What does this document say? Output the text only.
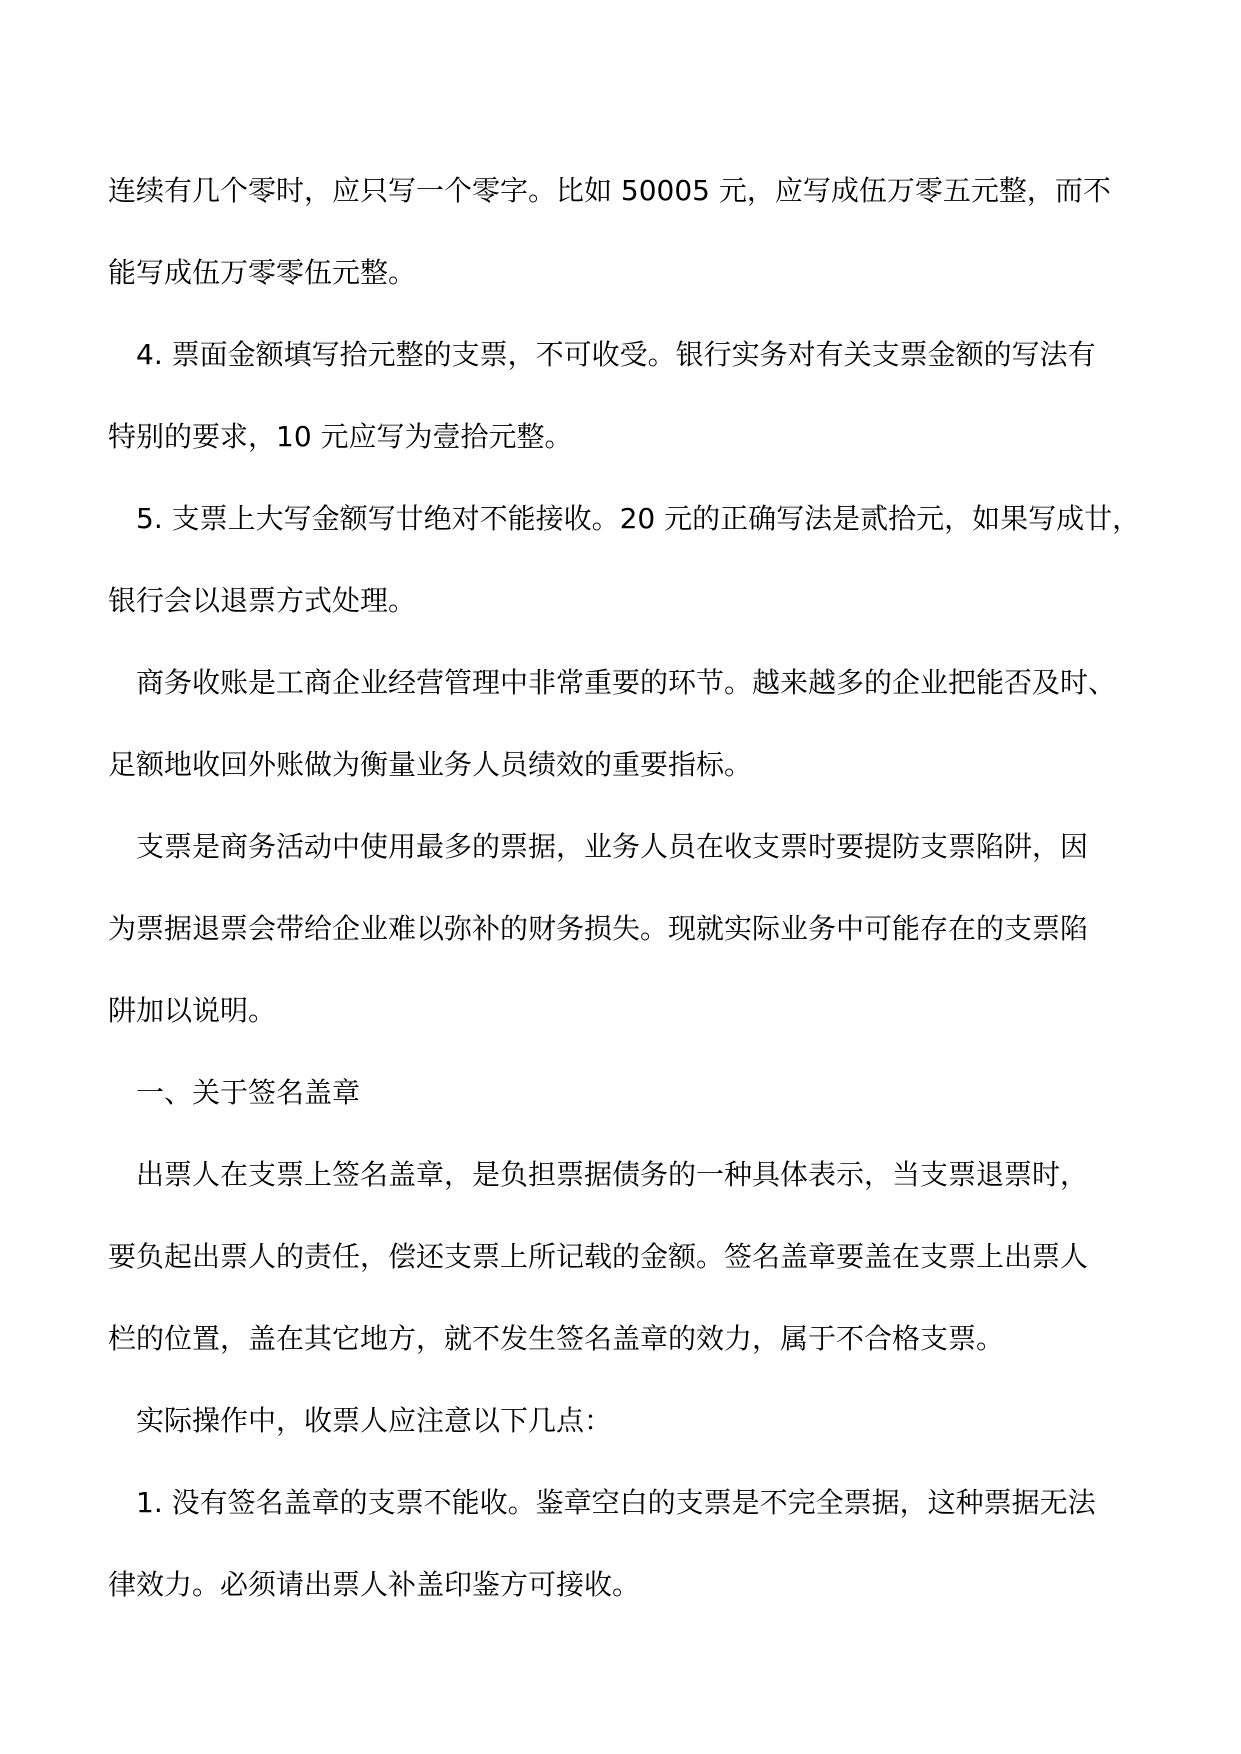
连续有几个零时，应只写一个零字。比如 50005 元，应写成伍万零五元整，而不
能写成伍万零零伍元整。
4. 票面金额填写拾元整的支票，不可收受。银行实务对有关支票金额的写法有
特别的要求，10 元应写为壹拾元整。
5. 支票上大写金额写廿绝对不能接收。20 元的正确写法是贰拾元，如果写成廿，
银行会以退票方式处理。
商务收账是工商企业经营管理中非常重要的环节。越来越多的企业把能否及时、
足额地收回外账做为衡量业务人员绩效的重要指标。
支票是商务活动中使用最多的票据，业务人员在收支票时要提防支票陷阱，因
为票据退票会带给企业难以弥补的财务损失。现就实际业务中可能存在的支票陷
阱加以说明。
一、关于签名盖章
出票人在支票上签名盖章，是负担票据债务的一种具体表示，当支票退票时，
要负起出票人的责任，偿还支票上所记载的金额。签名盖章要盖在支票上出票人
栏的位置，盖在其它地方，就不发生签名盖章的效力，属于不合格支票。
实际操作中，收票人应注意以下几点：
1. 没有签名盖章的支票不能收。鉴章空白的支票是不完全票据，这种票据无法
律效力。必须请出票人补盖印鉴方可接收。
